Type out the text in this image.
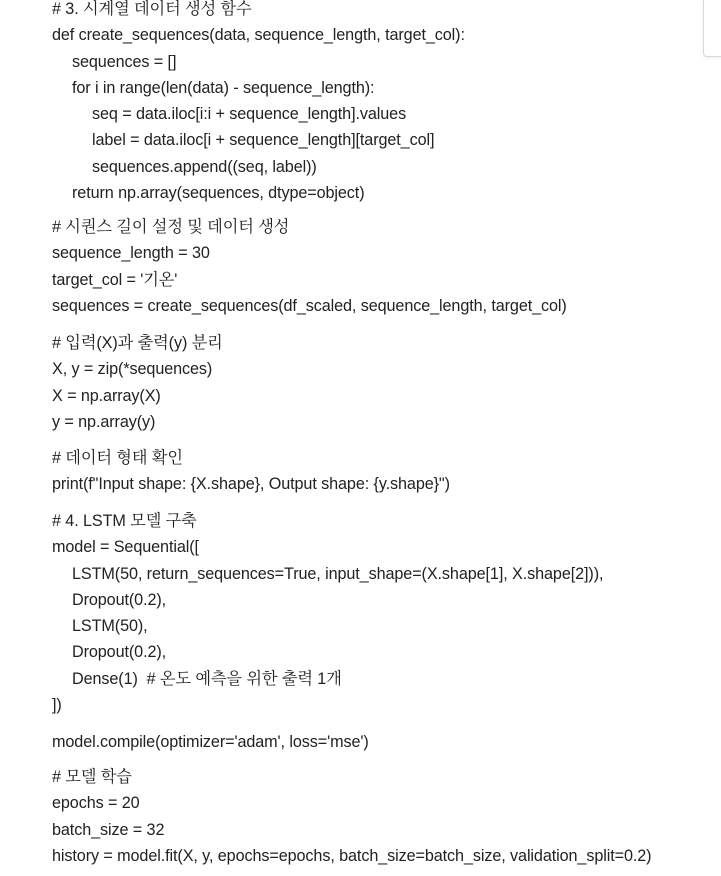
# 3. 시계열 데이터 생성 함수
def create_sequences(data, sequence_length, target_col):
sequences = []
for i in range(len(data) - sequence_length):
seq = data.iloc[i:i + sequence_length].values
label = data.iloc[i + sequence_length][target_col]
sequences.append((seq, label))
return np.array(sequences, dtype=object)
# 시퀀스 길이 설정 및 데이터 생성
sequence_length = 30
target_col = '기온'
sequences = create_sequences(df_scaled, sequence_length, target_col)
# 입력(X)과 출력(y) 분리
X, y = zip(*sequences)
X = np.array(X)
y = np.array(y)
# 데이터 형태 확인
print(f"Input shape: {X.shape}, Output shape: {y.shape}")
# 4. LSTM 모델 구축
model = Sequential([
LSTM(50, return_sequences=True, input_shape=(X.shape[1], X.shape[2])),
Dropout(0.2),
LSTM(50),
Dropout(0.2),
Dense(1)  # 온도 예측을 위한 출력 1개
])
model.compile(optimizer='adam', loss='mse')
# 모델 학습
epochs = 20
batch_size = 32
history = model.fit(X, y, epochs=epochs, batch_size=batch_size, validation_split=0.2)
